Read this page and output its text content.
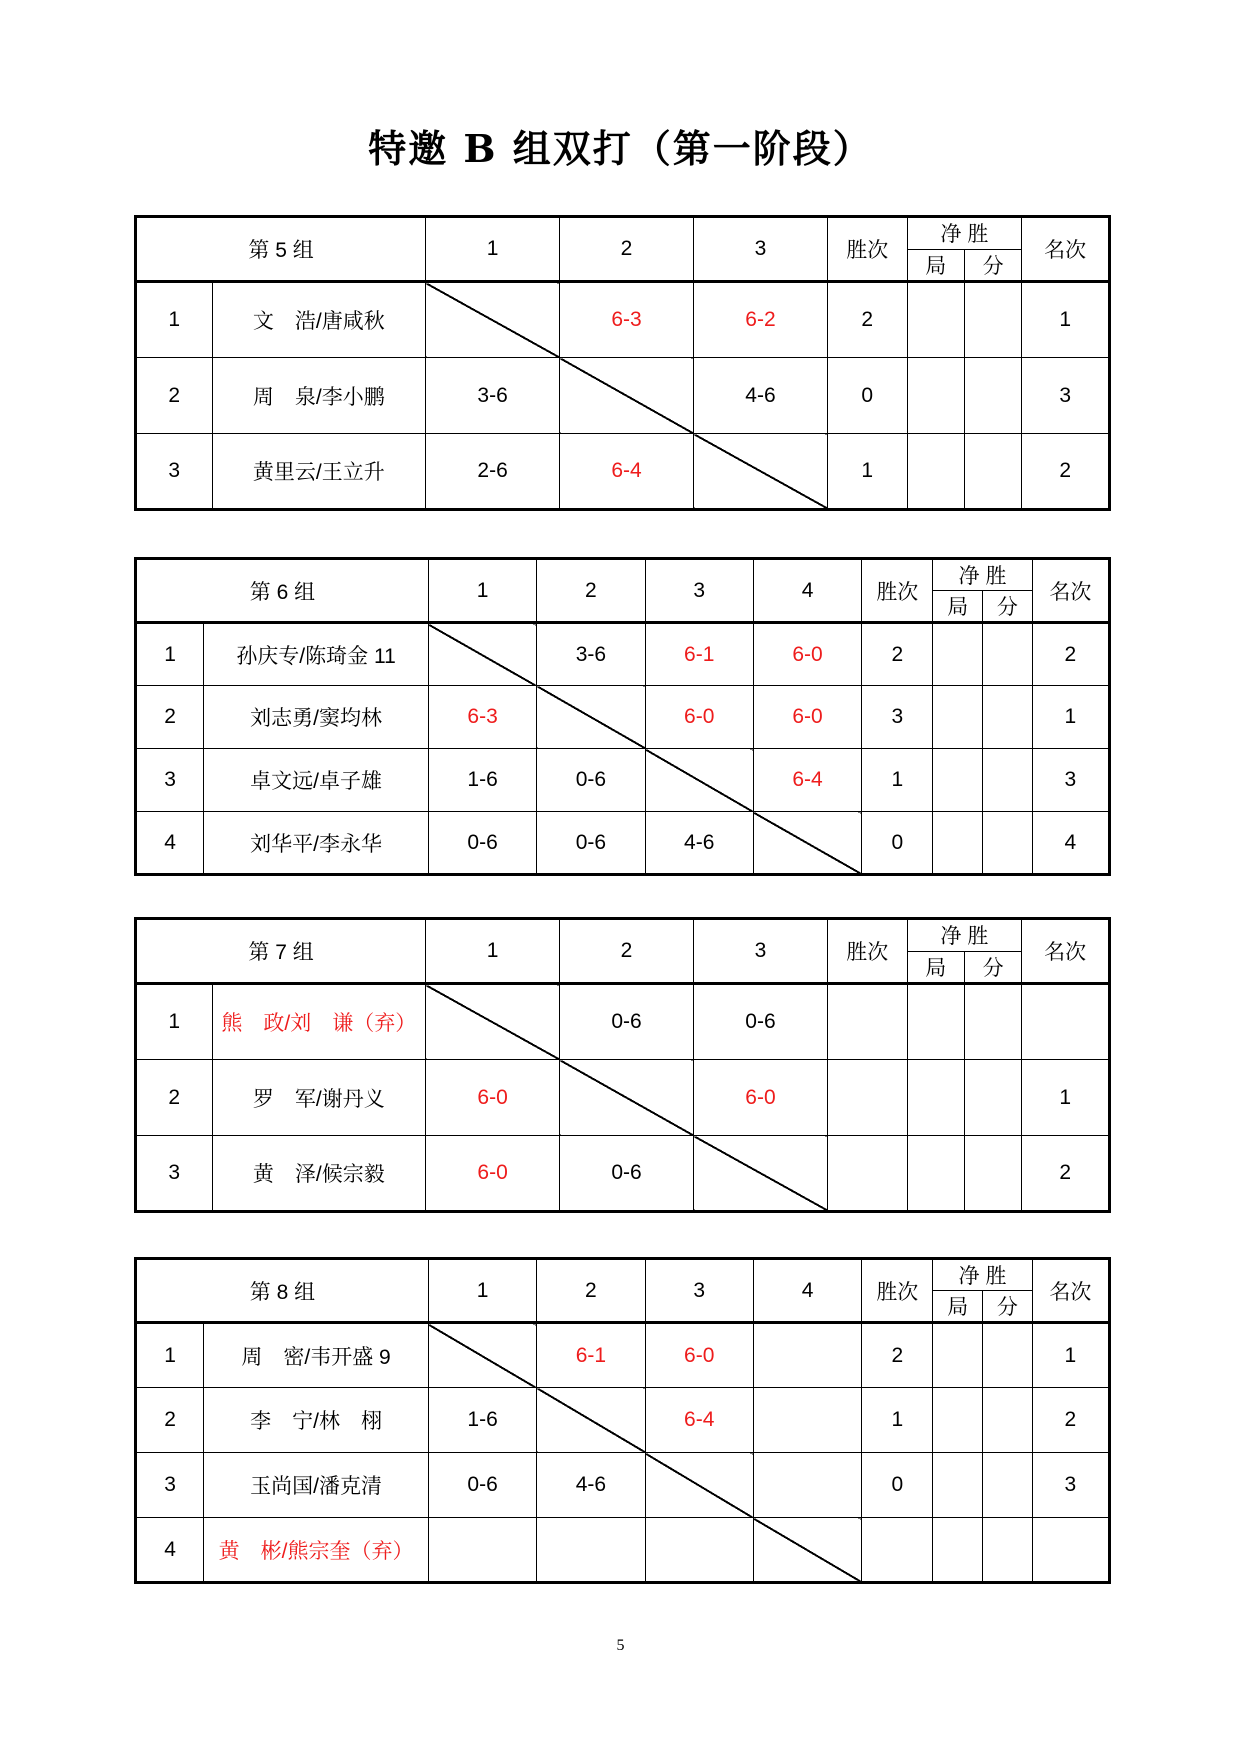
特邀 B 组双打（第一阶段）
第 5 组		1	2	3	胜次	净 胜
局 分		名次
1	文　浩/唐咸秋		6-3	6-2	2			1
2	周　泉/李小鹏	3-6		4-6	0			3
3	黄里云/王立升	2-6	6-4		1			2
第 6 组		1	2	3	4	胜次	净 胜
局 分		名次
1	孙庆专/陈琦金 11		3-6	6-1	6-0	2			2
2	刘志勇/窦均林	6-3		6-0	6-0	3			1
3	卓文远/卓子雄	1-6	0-6		6-4	1			3
4	刘华平/李永华	0-6	0-6	4-6		0			4
第 7 组		1	2	3	胜次	净 胜
局 分		名次
1	熊　政/刘　谦（弃）		0-6	0-6				
2	罗　军/谢丹义	6-0		6-0				1
3	黄　泽/候宗毅	6-0	0-6					2
第 8 组		1	2	3	4	胜次	净 胜
局 分		名次
1	周　密/韦开盛 9		6-1	6-0		2			1
2	李　宁/林　栩	1-6		6-4		1			2
3	玉尚国/潘克清	0-6	4-6			0			3
4	黄　彬/熊宗奎（弃）								
5
